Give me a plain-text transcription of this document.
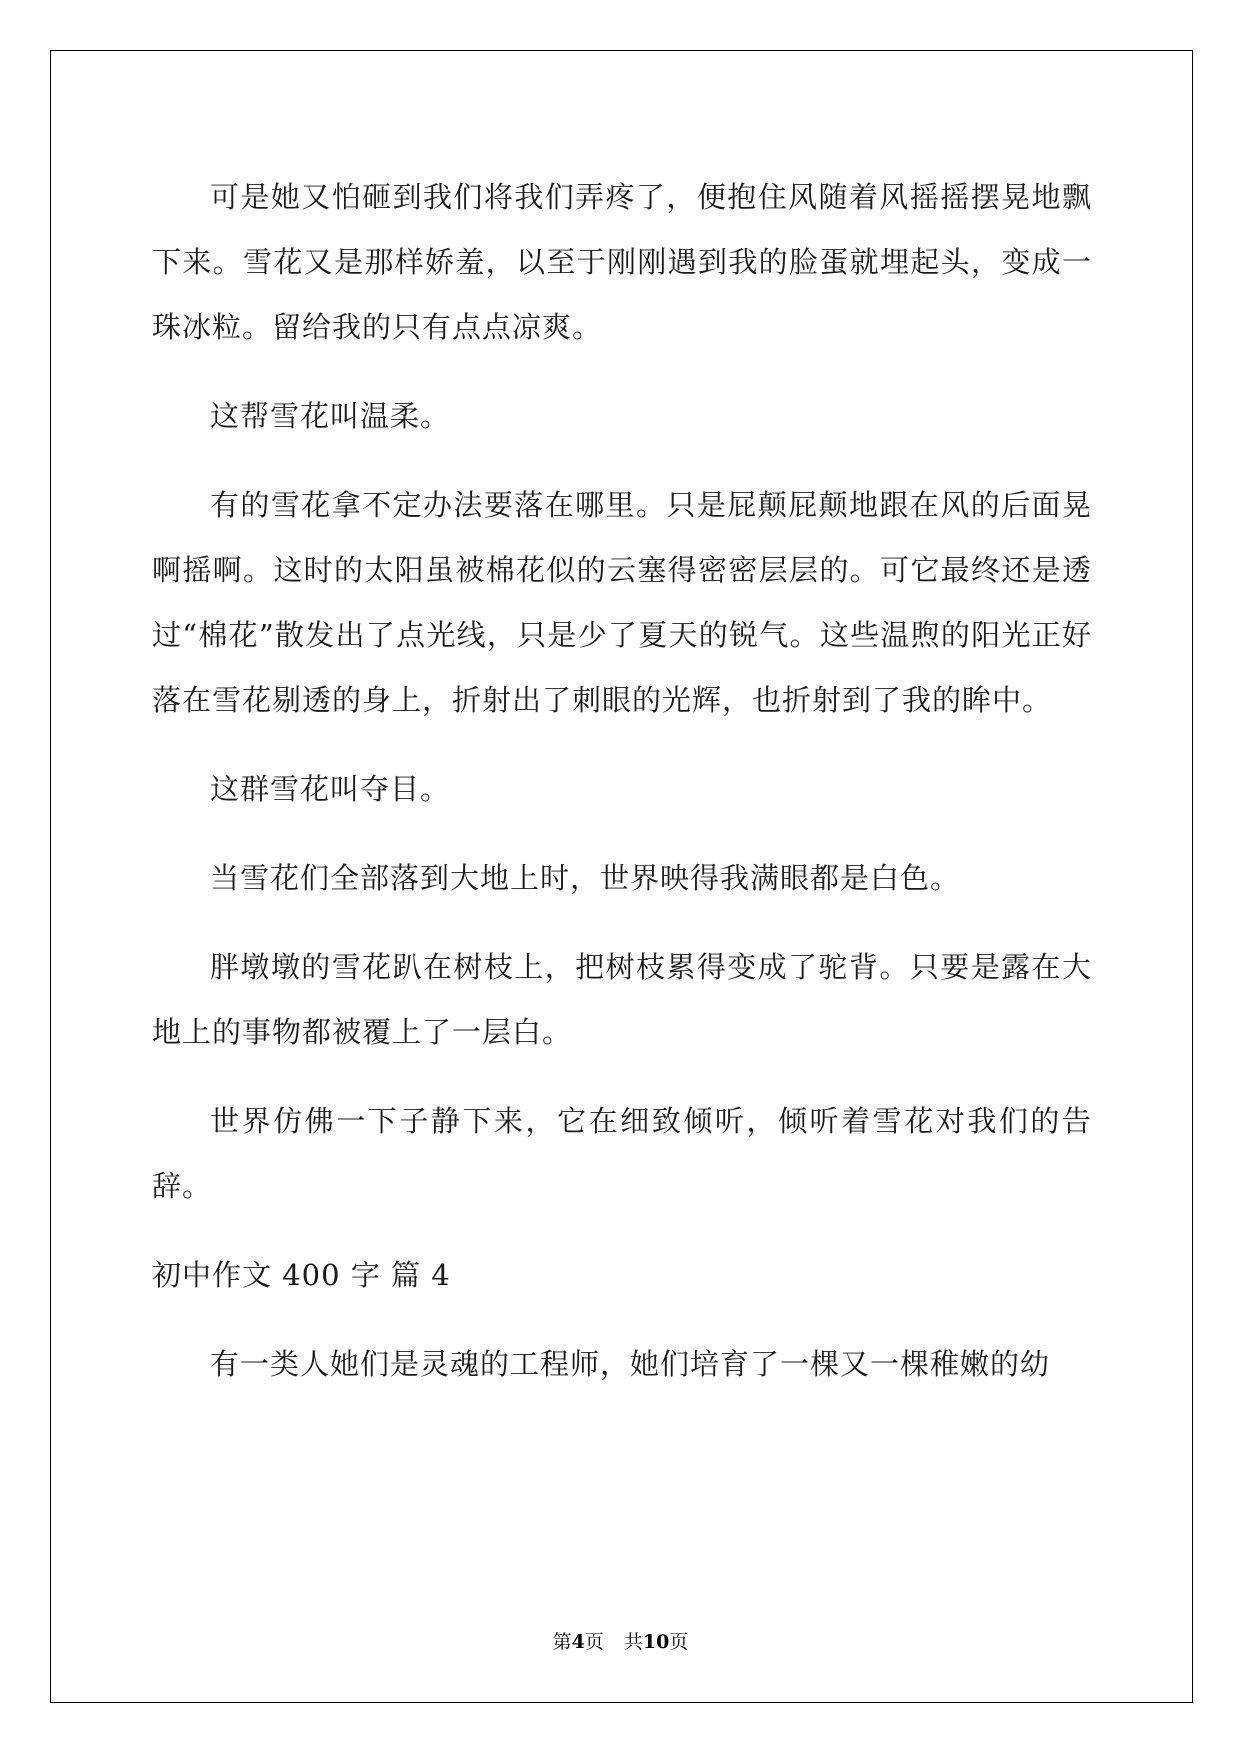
可是她又怕砸到我们将我们弄疼了，便抱住风随着风摇摇摆晃地飘下来。雪花又是那样娇羞，以至于刚刚遇到我的脸蛋就埋起头，变成一珠冰粒。留给我的只有点点凉爽。

这帮雪花叫温柔。

有的雪花拿不定办法要落在哪里。只是屁颠屁颠地跟在风的后面晃啊摇啊。这时的太阳虽被棉花似的云塞得密密层层的。可它最终还是透过“棉花”散发出了点光线，只是少了夏天的锐气。这些温煦的阳光正好落在雪花剔透的身上，折射出了刺眼的光辉，也折射到了我的眸中。

这群雪花叫夺目。

当雪花们全部落到大地上时，世界映得我满眼都是白色。

胖墩墩的雪花趴在树枝上，把树枝累得变成了驼背。只要是露在大地上的事物都被覆上了一层白。

世界仿佛一下子静下来，它在细致倾听，倾听着雪花对我们的告辞。

初中作文 400 字 篇 4

有一类人她们是灵魂的工程师，她们培育了一棵又一棵稚嫩的幼

第4页 共10页
